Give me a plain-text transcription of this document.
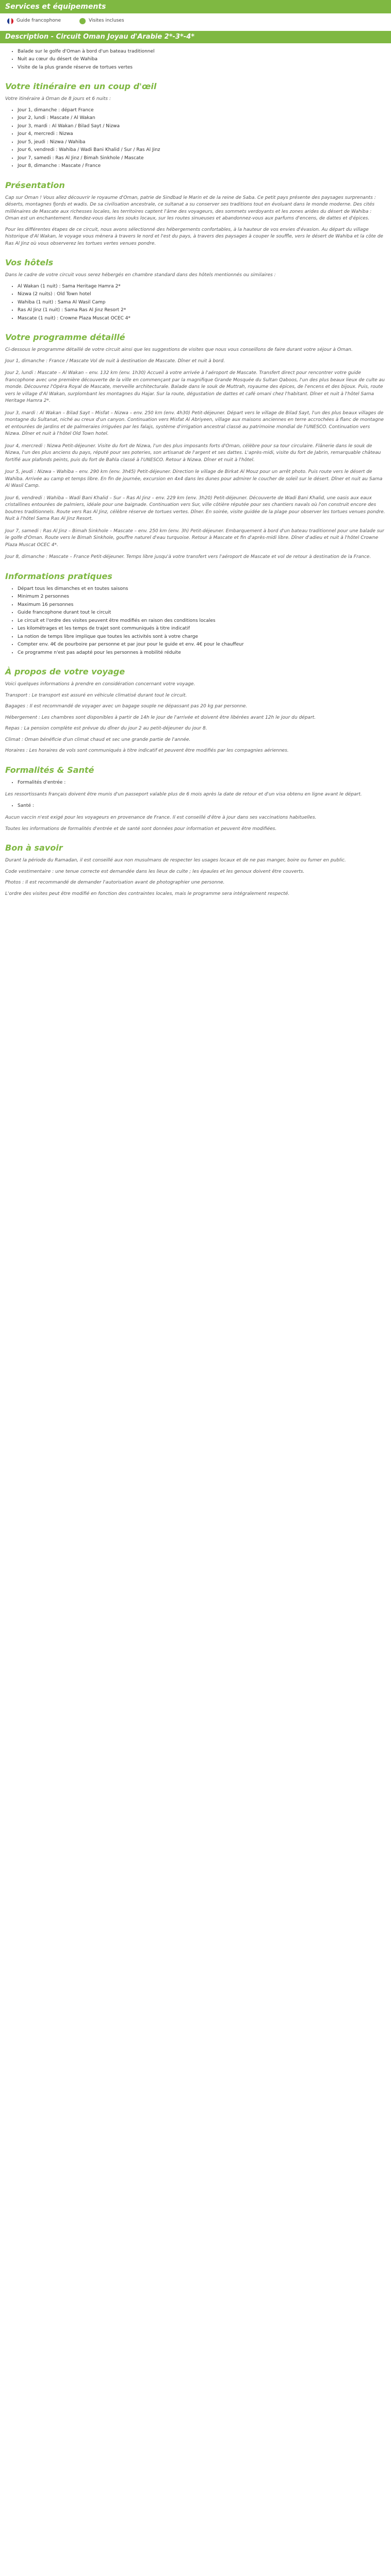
Services et équipements
Guide francophone	Visites incluses
Description - Circuit Oman Joyau d'Arabie 2*-3*-4*
• Balade sur le golfe d'Oman à bord d'un bateau traditionnel
• Nuit au cœur du désert de Wahiba
• Visite de la plus grande réserve de tortues vertes
Votre itinéraire en un coup d'œil

Votre itinéraire à Oman de 8 jours et 6 nuits :

• Jour 1, dimanche : départ France
• Jour 2, lundi : Mascate / Al Wakan
• Jour 3, mardi : Al Wakan / Bilad Sayt / Nizwa
• Jour 4, mercredi : Nizwa
• Jour 5, jeudi : Nizwa / Wahiba
• Jour 6, vendredi : Wahiba / Wadi Bani Khalid / Sur / Ras Al Jinz
• Jour 7, samedi : Ras Al Jinz / Bimah Sinkhole / Mascate
• Jour 8, dimanche : Mascate / France
Présentation

Cap sur Oman ! Vous allez découvrir le royaume d'Oman, patrie de Sindbad le Marin et de la reine de Saba. Ce petit pays présente des paysages surprenants : déserts, montagnes fjords et wadis. De sa civilisation ancestrale, ce sultanat a su conserver ses traditions tout en évoluant dans le monde moderne. Des cités millénaires de Mascate aux richesses locales, les territoires captent l'âme des voyageurs, des sommets verdoyants et les zones arides du désert de Wahiba : Oman est un enchantement. Rendez-vous dans les souks locaux, sur les routes sinueuses et abandonnez-vous aux parfums d'encens, de dattes et d'épices.

Pour les différentes étapes de ce circuit, nous avons sélectionné des hébergements confortables, à la hauteur de vos envies d'évasion. Au départ du village historique d'Al Wakan, le voyage vous mènera à travers le nord et l'est du pays, à travers des paysages à couper le souffle, vers le désert de Wahiba et la côte de Ras Al Jinz où vous observerez les tortues vertes venues pondre.

Vos hôtels

Dans le cadre de votre circuit vous serez hébergés en chambre standard dans des hôtels mentionnés ou similaires :

• Al Wakan (1 nuit) : Sama Heritage Hamra 2*
• Nizwa (2 nuits) : Old Town hotel
• Wahiba (1 nuit) : Sama Al Wasil Camp
• Ras Al Jinz (1 nuit) : Sama Ras Al Jinz Resort 2*
• Mascate (1 nuit) : Crowne Plaza Muscat OCEC 4*
Votre programme détaillé

Ci-dessous le programme détaillé de votre circuit ainsi que les suggestions de visites que nous vous conseillons de faire durant votre séjour à Oman.

Jour 1, dimanche : France / Mascate Vol de nuit à destination de Mascate. Dîner et nuit à bord.
Jour 2, lundi : Mascate – Al Wakan – env. 132 km (env. 1h30) Accueil à votre arrivée à l'aéroport de Mascate. Transfert direct pour rencontrer votre guide francophone avec une première découverte de la ville en commençant par la magnifique Grande Mosquée du Sultan Qaboos, l'un des plus beaux lieux de culte au monde. Découvrez l'Opéra Royal de Mascate, merveille architecturale. Balade dans le souk de Muttrah, royaume des épices, de l'encens et des bijoux. Puis, route vers le village d'Al Wakan, surplombant les montagnes du Hajar. Sur la route, dégustation de dattes et café omani chez l'habitant. Dîner et nuit à l'hôtel Sama Heritage Hamra 2*.
Jour 3, mardi : Al Wakan – Bilad Sayt – Misfat – Nizwa – env. 250 km (env. 4h30) Petit-déjeuner. Départ vers le village de Bilad Sayt, l'un des plus beaux villages de montagne du Sultanat, niché au creux d'un canyon. Continuation vers Misfat Al Abriyeen, village aux maisons anciennes en terre accrochées à flanc de montagne et entourées de jardins et de palmeraies irriguées par les falajs, système d'irrigation ancestral classé au patrimoine mondial de l'UNESCO. Continuation vers Nizwa. Dîner et nuit à l'hôtel Old Town hotel.
Jour 4, mercredi : Nizwa Petit-déjeuner. Visite du fort de Nizwa, l'un des plus imposants forts d'Oman, célèbre pour sa tour circulaire. Flânerie dans le souk de Nizwa, l'un des plus anciens du pays, réputé pour ses poteries, son artisanat de l'argent et ses dattes. L'après-midi, visite du fort de Jabrin, remarquable château fortifié aux plafonds peints, puis du fort de Bahla classé à l'UNESCO. Retour à Nizwa. Dîner et nuit à l'hôtel.
Jour 5, jeudi : Nizwa – Wahiba – env. 290 km (env. 3h45) Petit-déjeuner. Direction le village de Birkat Al Mouz pour un arrêt photo. Puis route vers le désert de Wahiba. Arrivée au camp et temps libre. En fin de journée, excursion en 4x4 dans les dunes pour admirer le coucher de soleil sur le désert. Dîner et nuit au Sama Al Wasil Camp.
Jour 6, vendredi : Wahiba – Wadi Bani Khalid – Sur – Ras Al Jinz – env. 229 km (env. 3h20) Petit-déjeuner. Découverte de Wadi Bani Khalid, une oasis aux eaux cristallines entourées de palmiers, idéale pour une baignade. Continuation vers Sur, ville côtière réputée pour ses chantiers navals où l'on construit encore des boutres traditionnels. Route vers Ras Al Jinz, célèbre réserve de tortues vertes. Dîner. En soirée, visite guidée de la plage pour observer les tortues venues pondre. Nuit à l'hôtel Sama Ras Al Jinz Resort.
Jour 7, samedi : Ras Al Jinz – Bimah Sinkhole – Mascate – env. 250 km (env. 3h) Petit-déjeuner. Embarquement à bord d'un bateau traditionnel pour une balade sur le golfe d'Oman. Route vers le Bimah Sinkhole, gouffre naturel d'eau turquoise. Retour à Mascate et fin d'après-midi libre. Dîner d'adieu et nuit à l'hôtel Crowne Plaza Muscat OCEC 4*.
Jour 8, dimanche : Mascate – France Petit-déjeuner. Temps libre jusqu'à votre transfert vers l'aéroport de Mascate et vol de retour à destination de la France.
Informations pratiques
• Départ tous les dimanches et en toutes saisons
• Minimum 2 personnes
• Maximum 16 personnes
• Guide francophone durant tout le circuit
• Le circuit et l'ordre des visites peuvent être modifiés en raison des conditions locales
• Les kilométrages et les temps de trajet sont communiqués à titre indicatif
• La notion de temps libre implique que toutes les activités sont à votre charge
• Compter env. 4€ de pourboire par personne et par jour pour le guide et env. 4€ pour le chauffeur
• Ce programme n'est pas adapté pour les personnes à mobilité réduite
À propos de votre voyage

Voici quelques informations à prendre en considération concernant votre voyage.

Transport : Le transport est assuré en véhicule climatisé durant tout le circuit.

Bagages : Il est recommandé de voyager avec un bagage souple ne dépassant pas 20 kg par personne.

Hébergement : Les chambres sont disponibles à partir de 14h le jour de l'arrivée et doivent être libérées avant 12h le jour du départ.

Repas : La pension complète est prévue du dîner du jour 2 au petit-déjeuner du jour 8.

Climat : Oman bénéficie d'un climat chaud et sec une grande partie de l'année.

Horaires : Les horaires de vols sont communiqués à titre indicatif et peuvent être modifiés par les compagnies aériennes.

Formalités & Santé
• Formalités d'entrée :

Les ressortissants français doivent être munis d'un passeport valable plus de 6 mois après la date de retour et d'un visa obtenu en ligne avant le départ.

• Santé :

Aucun vaccin n'est exigé pour les voyageurs en provenance de France. Il est conseillé d'être à jour dans ses vaccinations habituelles.

Toutes les informations de formalités d'entrée et de santé sont données pour information et peuvent être modifiées.

Bon à savoir

Durant la période du Ramadan, il est conseillé aux non musulmans de respecter les usages locaux et de ne pas manger, boire ou fumer en public.

Code vestimentaire : une tenue correcte est demandée dans les lieux de culte ; les épaules et les genoux doivent être couverts.

Photos : Il est recommandé de demander l'autorisation avant de photographier une personne.

L'ordre des visites peut être modifié en fonction des contraintes locales, mais le programme sera intégralement respecté.
